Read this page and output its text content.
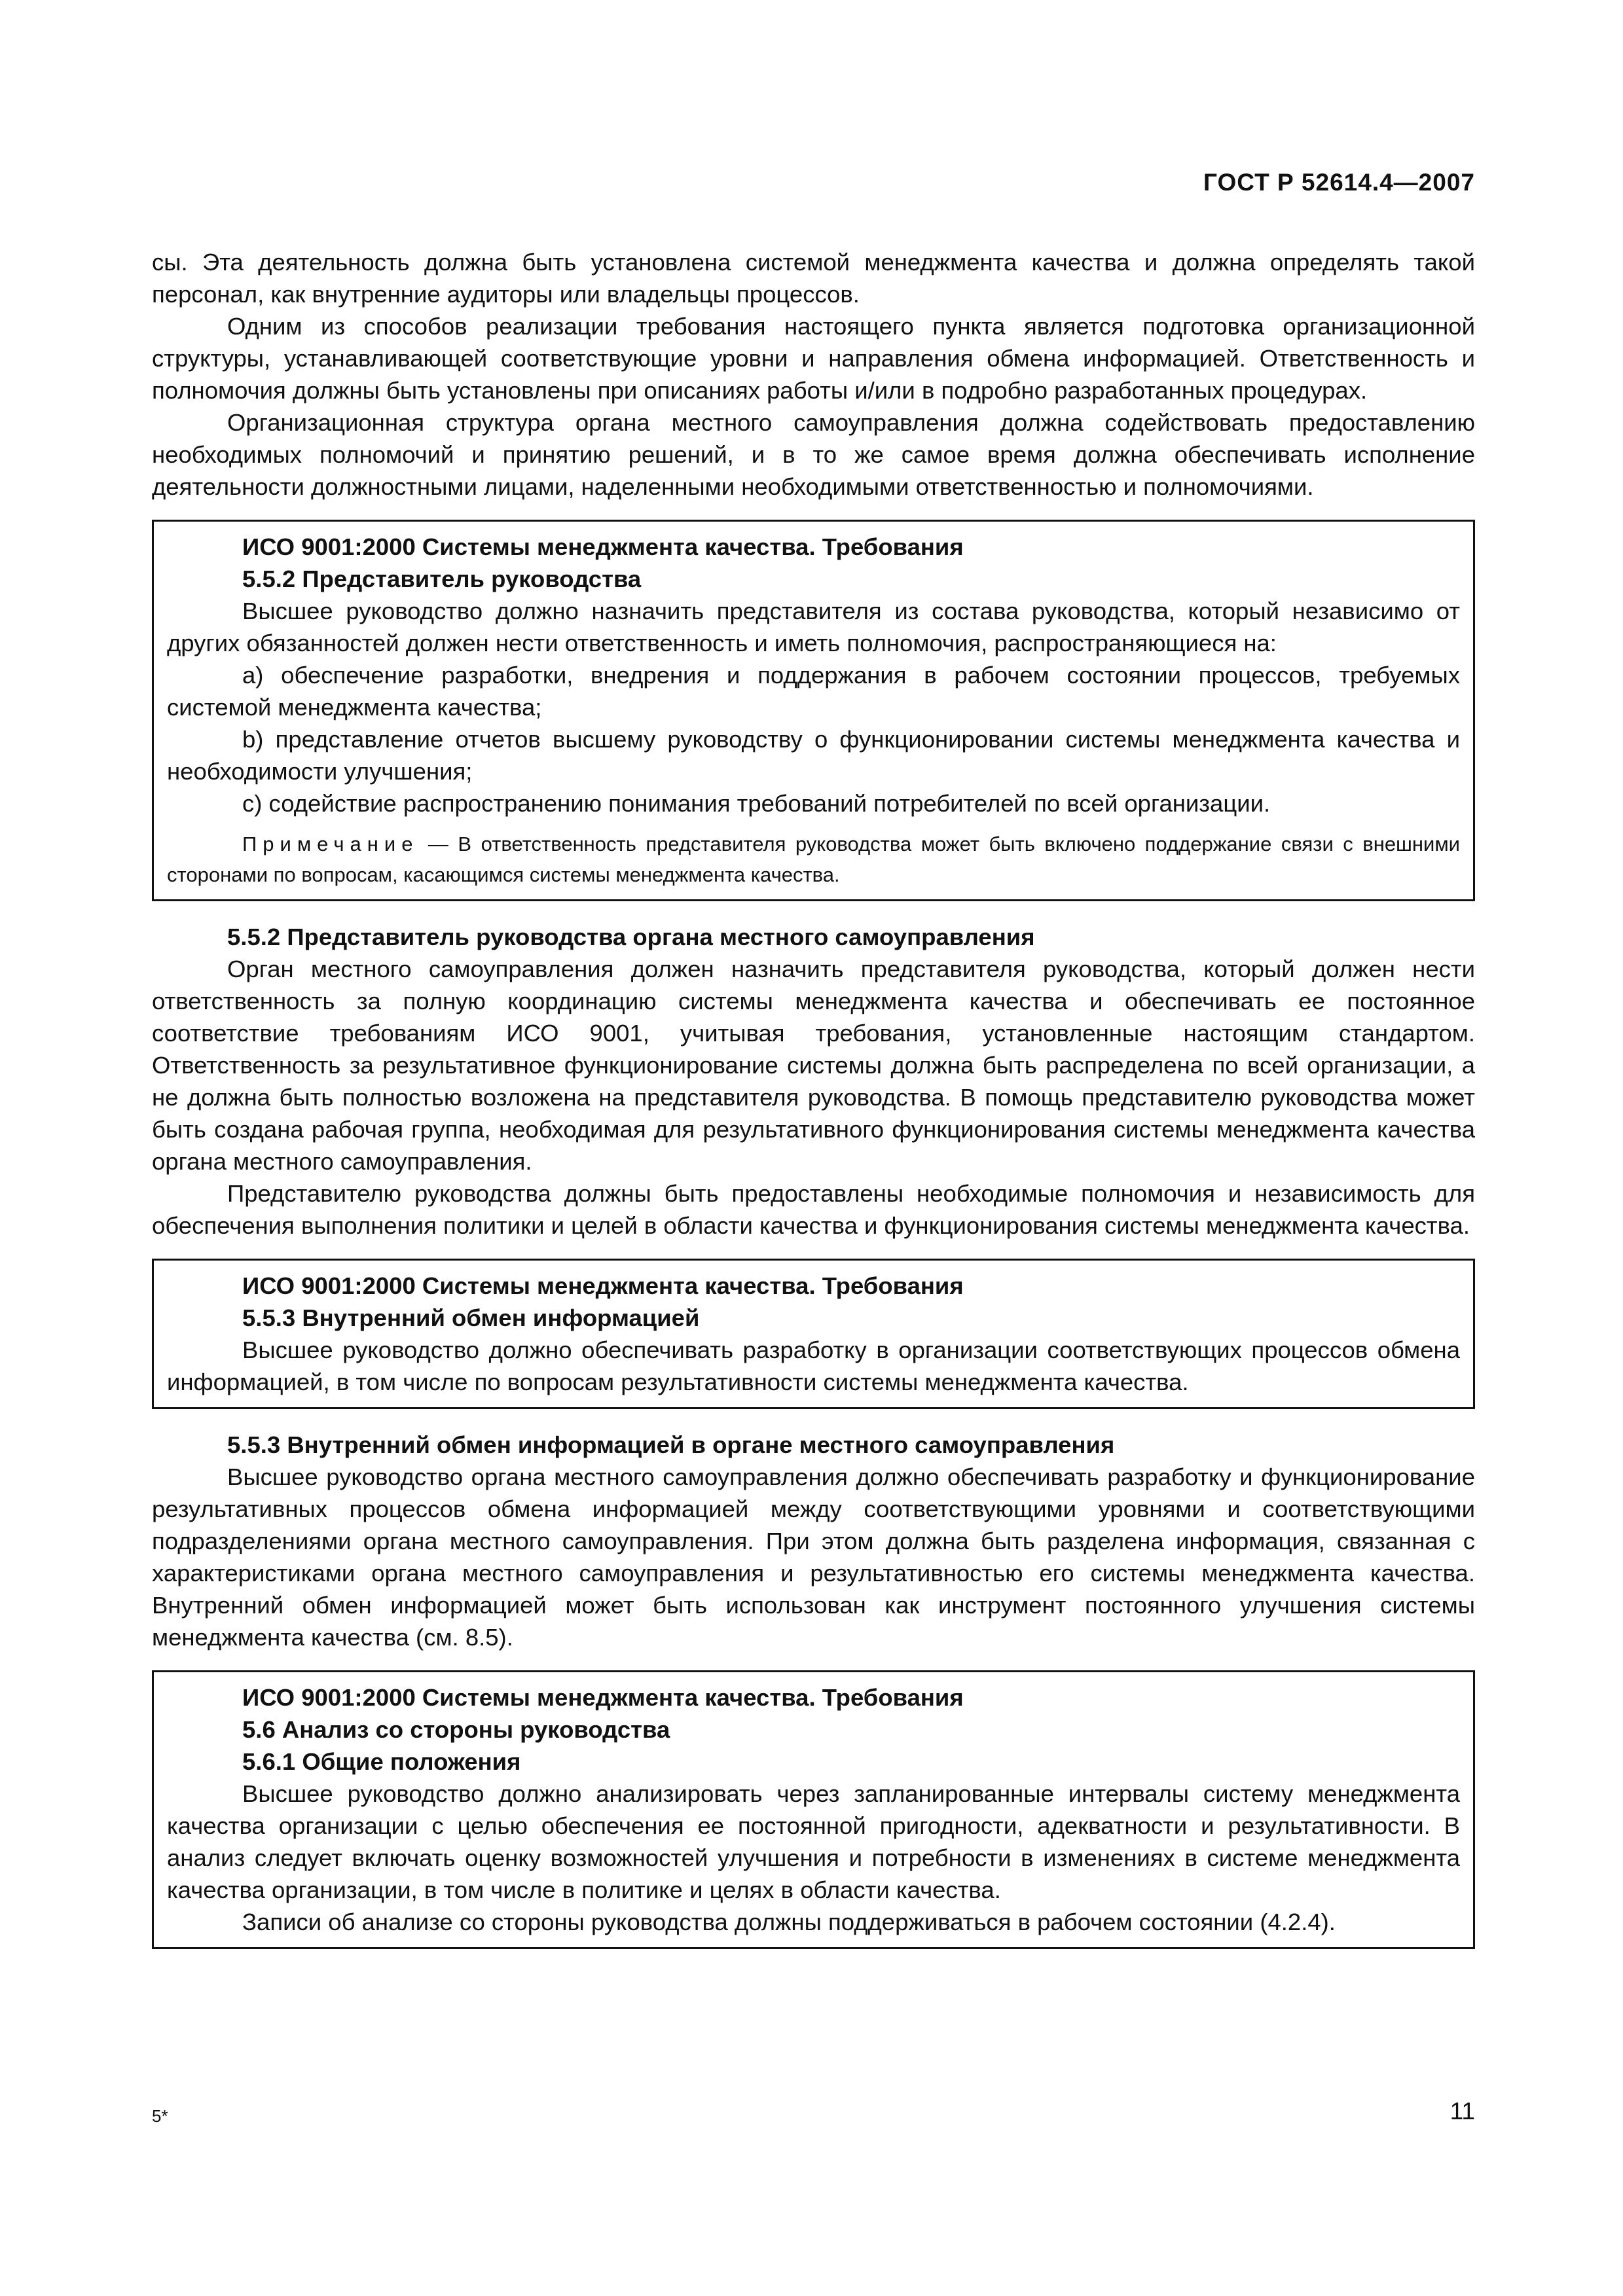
ГОСТ Р 52614.4—2007

сы. Эта деятельность должна быть установлена системой менеджмента качества и должна определять такой персонал, как внутренние аудиторы или владельцы процессов.

Одним из способов реализации требования настоящего пункта является подготовка организационной структуры, устанавливающей соответствующие уровни и направления обмена информацией. Ответственность и полномочия должны быть установлены при описаниях работы и/или в подробно разработанных процедурах.

Организационная структура органа местного самоуправления должна содействовать предоставлению необходимых полномочий и принятию решений, и в то же самое время должна обеспечивать исполнение деятельности должностными лицами, наделенными необходимыми ответственностью и полномочиями.

ИСО 9001:2000 Системы менеджмента качества. Требования
5.5.2 Представитель руководства

Высшее руководство должно назначить представителя из состава руководства, который независимо от других обязанностей должен нести ответственность и иметь полномочия, распространяющиеся на:

a) обеспечение разработки, внедрения и поддержания в рабочем состоянии процессов, требуемых системой менеджмента качества;

b) представление отчетов высшему руководству о функционировании системы менеджмента качества и необходимости улучшения;

c) содействие распространению понимания требований потребителей по всей организации.

Примечание — В ответственность представителя руководства может быть включено поддержание связи с внешними сторонами по вопросам, касающимся системы менеджмента качества.

5.5.2 Представитель руководства органа местного самоуправления

Орган местного самоуправления должен назначить представителя руководства, который должен нести ответственность за полную координацию системы менеджмента качества и обеспечивать ее постоянное соответствие требованиям ИСО 9001, учитывая требования, установленные настоящим стандартом. Ответственность за результативное функционирование системы должна быть распределена по всей организации, а не должна быть полностью возложена на представителя руководства. В помощь представителю руководства может быть создана рабочая группа, необходимая для результативного функционирования системы менеджмента качества органа местного самоуправления.

Представителю руководства должны быть предоставлены необходимые полномочия и независимость для обеспечения выполнения политики и целей в области качества и функционирования системы менеджмента качества.

ИСО 9001:2000 Системы менеджмента качества. Требования
5.5.3 Внутренний обмен информацией

Высшее руководство должно обеспечивать разработку в организации соответствующих процессов обмена информацией, в том числе по вопросам результативности системы менеджмента качества.

5.5.3 Внутренний обмен информацией в органе местного самоуправления

Высшее руководство органа местного самоуправления должно обеспечивать разработку и функционирование результативных процессов обмена информацией между соответствующими уровнями и соответствующими подразделениями органа местного самоуправления. При этом должна быть разделена информация, связанная с характеристиками органа местного самоуправления и результативностью его системы менеджмента качества. Внутренний обмен информацией может быть использован как инструмент постоянного улучшения системы менеджмента качества (см. 8.5).

ИСО 9001:2000 Системы менеджмента качества. Требования
5.6 Анализ со стороны руководства
5.6.1 Общие положения

Высшее руководство должно анализировать через запланированные интервалы систему менеджмента качества организации с целью обеспечения ее постоянной пригодности, адекватности и результативности. В анализ следует включать оценку возможностей улучшения и потребности в изменениях в системе менеджмента качества организации, в том числе в политике и целях в области качества.

Записи об анализе со стороны руководства должны поддерживаться в рабочем состоянии (4.2.4).

5*	11
